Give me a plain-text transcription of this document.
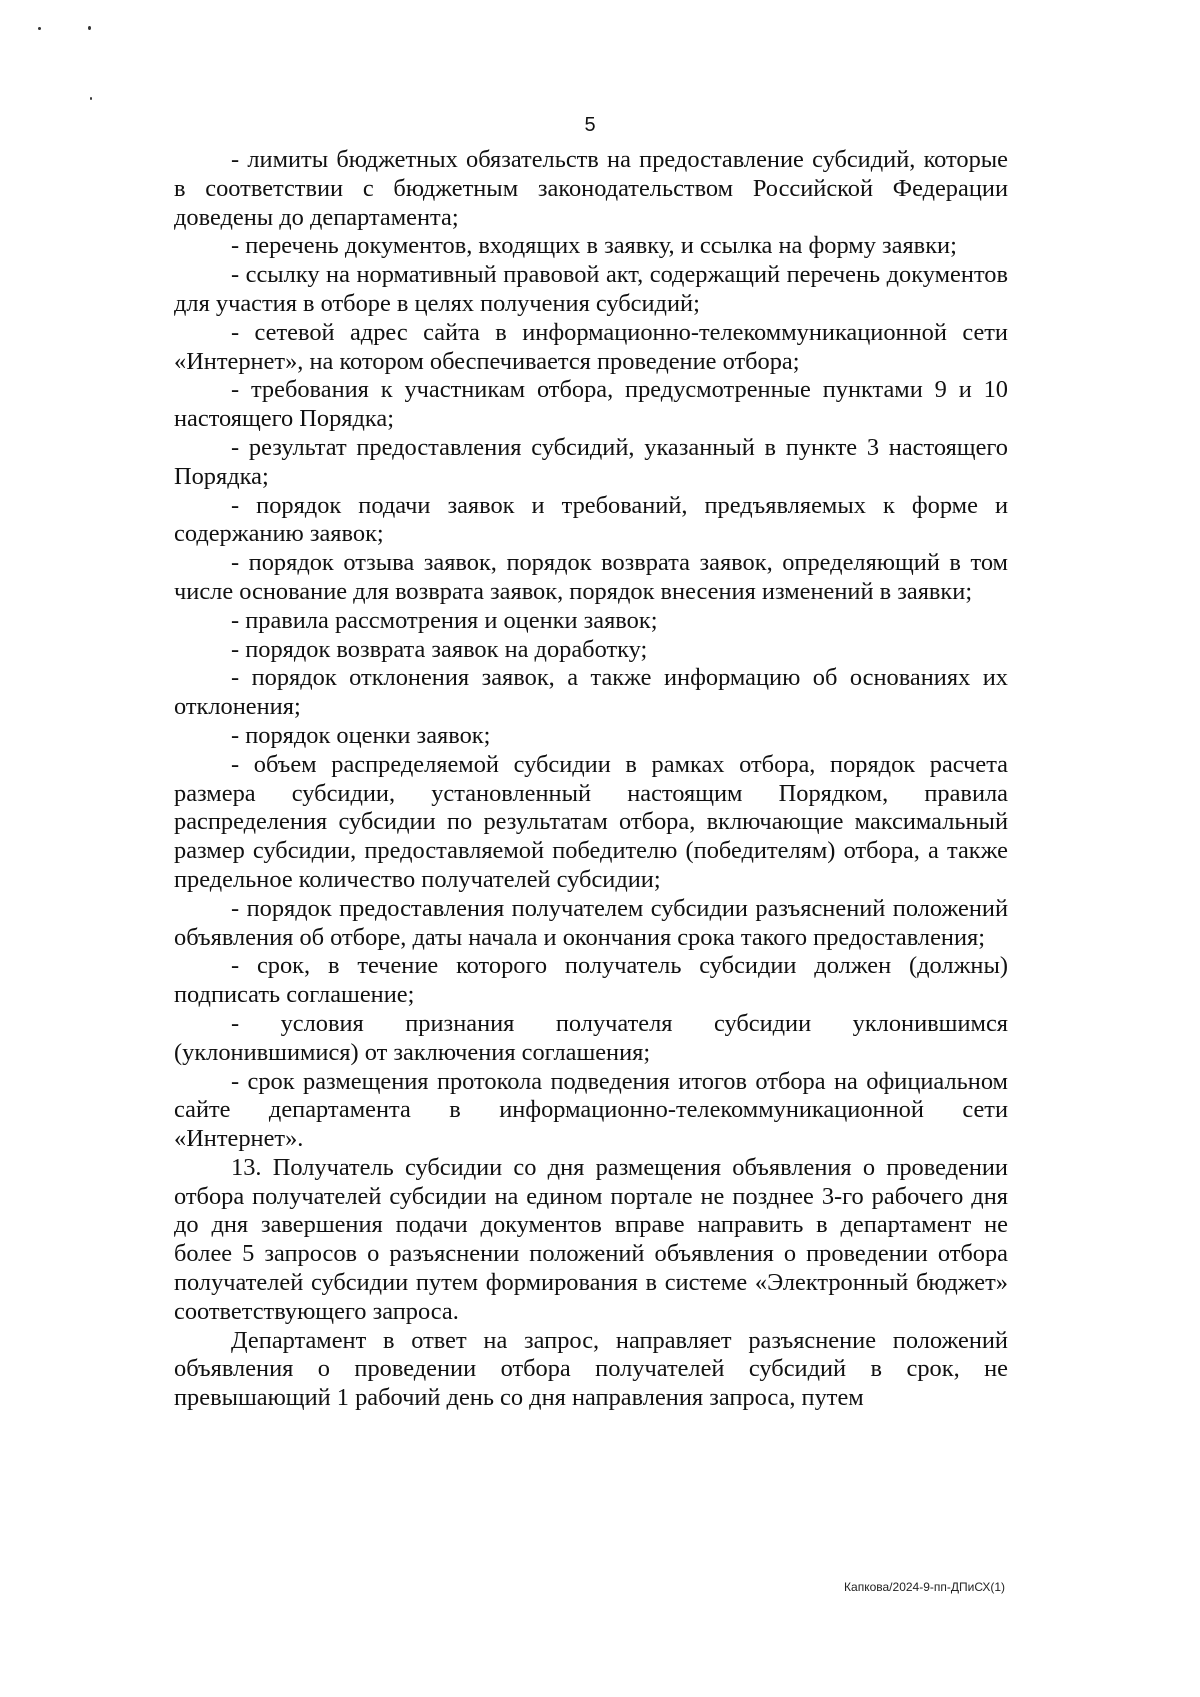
5

- лимиты бюджетных обязательств на предоставление субсидий, которые в соответствии с бюджетным законодательством Российской Федерации доведены до департамента;

- перечень документов, входящих в заявку, и ссылка на форму заявки;

- ссылку на нормативный правовой акт, содержащий перечень документов для участия в отборе в целях получения субсидий;

- сетевой адрес сайта в информационно-телекоммуникационной сети «Интернет», на котором обеспечивается проведение отбора;

- требования к участникам отбора, предусмотренные пунктами 9 и 10 настоящего Порядка;

- результат предоставления субсидий, указанный в пункте 3 настоящего Порядка;

- порядок подачи заявок и требований, предъявляемых к форме и содержанию заявок;

- порядок отзыва заявок, порядок возврата заявок, определяющий в том числе основание для возврата заявок, порядок внесения изменений в заявки;

- правила рассмотрения и оценки заявок;

- порядок возврата заявок на доработку;

- порядок отклонения заявок, а также информацию об основаниях их отклонения;

- порядок оценки заявок;

- объем распределяемой субсидии в рамках отбора, порядок расчета размера субсидии, установленный настоящим Порядком, правила распределения субсидии по результатам отбора, включающие максимальный размер субсидии, предоставляемой победителю (победителям) отбора, а также предельное количество получателей субсидии;

- порядок предоставления получателем субсидии разъяснений положений объявления об отборе, даты начала и окончания срока такого предоставления;

- срок, в течение которого получатель субсидии должен (должны) подписать соглашение;

- условия признания получателя субсидии уклонившимся (уклонившимися) от заключения соглашения;

- срок размещения протокола подведения итогов отбора на официальном сайте департамента в информационно-телекоммуникационной сети «Интернет».

13. Получатель субсидии со дня размещения объявления о проведении отбора получателей субсидии на едином портале не позднее 3-го рабочего дня до дня завершения подачи документов вправе направить в департамент не более 5 запросов о разъяснении положений объявления о проведении отбора получателей субсидии путем формирования в системе «Электронный бюджет» соответствующего запроса.

Департамент в ответ на запрос, направляет разъяснение положений объявления о проведении отбора получателей субсидий в срок, не превышающий 1 рабочий день со дня направления запроса, путем

Капкова/2024-9-пп-ДПиСХ(1)
